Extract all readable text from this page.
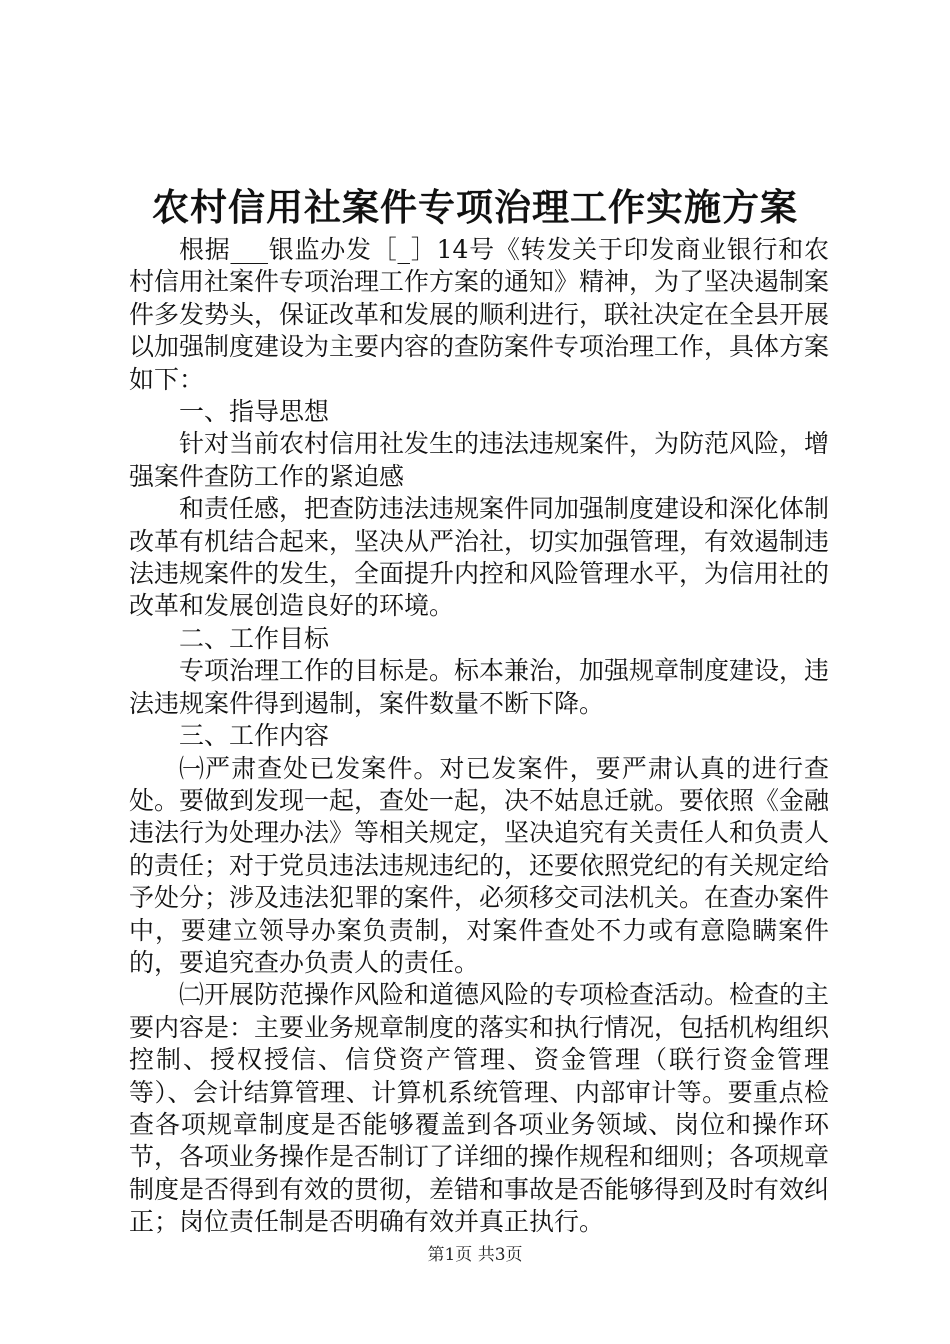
农村信用社案件专项治理工作实施方案

根据___银监办发［_］14号《转发关于印发商业银行和农村信用社案件专项治理工作方案的通知》精神，为了坚决遏制案件多发势头，保证改革和发展的顺利进行，联社决定在全县开展以加强制度建设为主要内容的查防案件专项治理工作，具体方案如下：

一、指导思想

针对当前农村信用社发生的违法违规案件，为防范风险，增强案件查防工作的紧迫感

和责任感，把查防违法违规案件同加强制度建设和深化体制改革有机结合起来，坚决从严治社，切实加强管理，有效遏制违法违规案件的发生，全面提升内控和风险管理水平，为信用社的改革和发展创造良好的环境。

二、工作目标

专项治理工作的目标是。标本兼治，加强规章制度建设，违法违规案件得到遏制，案件数量不断下降。

三、工作内容

㈠严肃查处已发案件。对已发案件，要严肃认真的进行查处。要做到发现一起，查处一起，决不姑息迁就。要依照《金融违法行为处理办法》等相关规定，坚决追究有关责任人和负责人的责任；对于党员违法违规违纪的，还要依照党纪的有关规定给予处分；涉及违法犯罪的案件，必须移交司法机关。在查办案件中，要建立领导办案负责制，对案件查处不力或有意隐瞒案件的，要追究查办负责人的责任。

㈡开展防范操作风险和道德风险的专项检查活动。检查的主要内容是：主要业务规章制度的落实和执行情况，包括机构组织控制、授权授信、信贷资产管理、资金管理（联行资金管理等）、会计结算管理、计算机系统管理、内部审计等。要重点检查各项规章制度是否能够覆盖到各项业务领域、岗位和操作环节，各项业务操作是否制订了详细的操作规程和细则；各项规章制度是否得到有效的贯彻，差错和事故是否能够得到及时有效纠正；岗位责任制是否明确有效并真正执行。

第1页 共3页
